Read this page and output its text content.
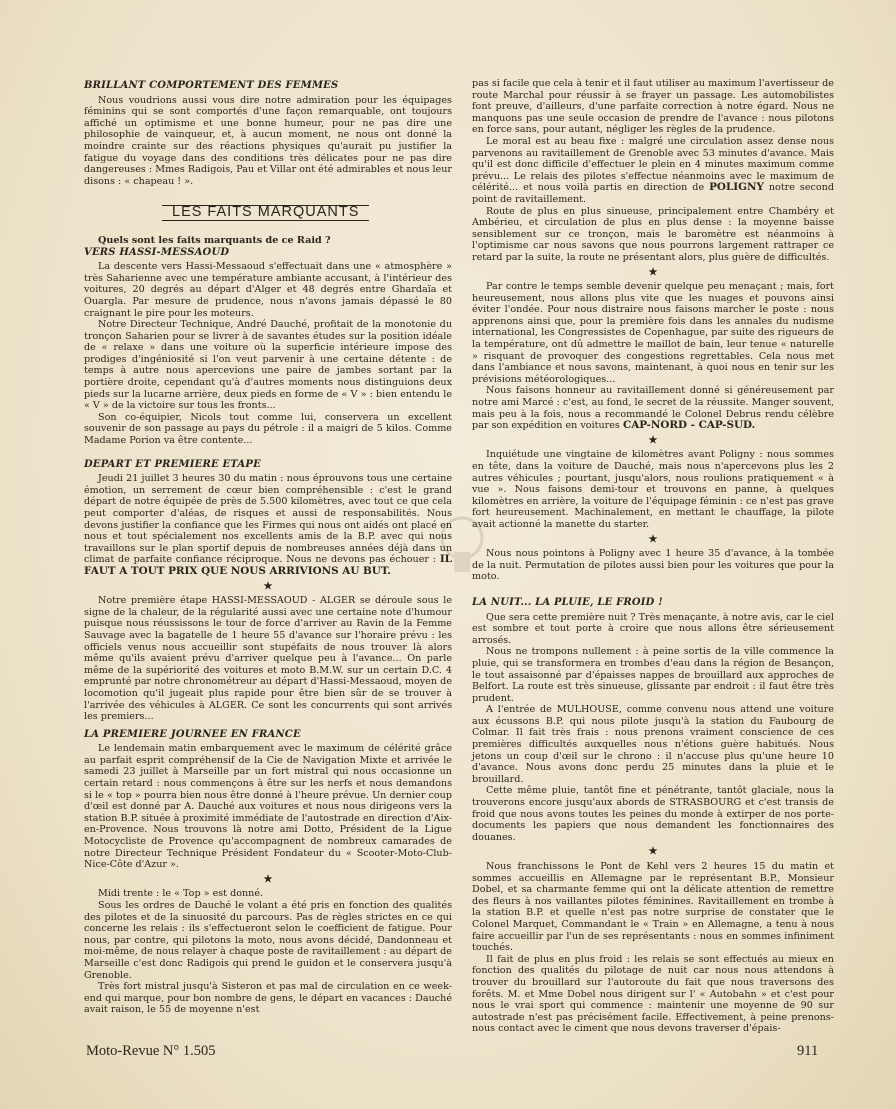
BRILLANT COMPORTEMENT DES FEMMES

Nous voudrions aussi vous dire notre admiration pour les équipages féminins qui se sont comportés d'une façon remarquable, ont toujours affiché un optimisme et une bonne humeur, pour ne pas dire une philosophie de vainqueur, et, à aucun moment, ne nous ont donné la moindre crainte sur des réactions physiques qu'aurait pu justifier la fatigue du voyage dans des conditions très délicates pour ne pas dire dangereuses : Mmes Radigois, Pau et Villar ont été admirables et nous leur disons : « chapeau ! ».

LES FAITS MARQUANTS

Quels sont les faits marquants de ce Raid ?

VERS HASSI-MESSAOUD

La descente vers Hassi-Messaoud s'effectuait dans une « atmosphère » très Saharienne avec une température ambiante accusant, à l'intérieur des voitures, 20 degrés au départ d'Alger et 48 degrés entre Ghardaïa et Ouargla. Par mesure de prudence, nous n'avons jamais dépassé le 80 craignant le pire pour les moteurs.

Notre Directeur Technique, André Dauché, profitait de la monotonie du tronçon Saharien pour se livrer à de savantes études sur la position idéale de « relaxe » dans une voiture où la superficie intérieure impose des prodiges d'ingéniosité si l'on veut parvenir à une certaine détente : de temps à autre nous apercevions une paire de jambes sortant par la portière droite, cependant qu'à d'autres moments nous distinguions deux pieds sur la lucarne arrière, deux pieds en forme de « V » : bien entendu le « V » de la victoire sur tous les fronts...

Son co-équipier, Nicols tout comme lui, conservera un excellent souvenir de son passage au pays du pétrole : il a maigri de 5 kilos. Comme Madame Porion va être contente...

DEPART ET PREMIERE ETAPE

Jeudi 21 juillet 3 heures 30 du matin : nous éprouvons tous une certaine émotion, un serrement de cœur bien compréhensible : c'est le grand départ de notre équipée de près de 5.500 kilomètres, avec tout ce que cela peut comporter d'aléas, de risques et aussi de responsabilités. Nous devons justifier la confiance que les Firmes qui nous ont aidés ont placé en nous et tout spécialement nos excellents amis de la B.P. avec qui nous travaillons sur le plan sportif depuis de nombreuses années déjà dans un climat de parfaite confiance réciproque. Nous ne devons pas échouer : IL FAUT A TOUT PRIX QUE NOUS ARRIVIONS AU BUT.

★

Notre première étape HASSI-MESSAOUD - ALGER se déroule sous le signe de la chaleur, de la régularité aussi avec une certaine note d'humour puisque nous réussissons le tour de force d'arriver au Ravin de la Femme Sauvage avec la bagatelle de 1 heure 55 d'avance sur l'horaire prévu : les officiels venus nous accueillir sont stupéfaits de nous trouver là alors même qu'ils avaient prévu d'arriver quelque peu à l'avance... On parle même de la supériorité des voitures et moto B.M.W. sur un certain D.C. 4 emprunté par notre chronométreur au départ d'Hassi-Messaoud, moyen de locomotion qu'il jugeait plus rapide pour être bien sûr de se trouver à l'arrivée des véhicules à ALGER. Ce sont les concurrents qui sont arrivés les premiers...

LA PREMIERE JOURNEE EN FRANCE

Le lendemain matin embarquement avec le maximum de célérité grâce au parfait esprit compréhensif de la Cie de Navigation Mixte et arrivée le samedi 23 juillet à Marseille par un fort mistral qui nous occasionne un certain retard : nous commençons à être sur les nerfs et nous demandons si le « top » pourra bien nous être donné à l'heure prévue. Un dernier coup d'œil est donné par A. Dauché aux voitures et nous nous dirigeons vers la station B.P. située à proximité immédiate de l'autostrade en direction d'Aix-en-Provence. Nous trouvons là notre ami Dotto, Président de la Ligue Motocycliste de Provence qu'accompagnent de nombreux camarades de notre Directeur Technique Président Fondateur du « Scooter-Moto-Club-Nice-Côte d'Azur ».

★

Midi trente : le « Top » est donné.

Sous les ordres de Dauché le volant a été pris en fonction des qualités des pilotes et de la sinuosité du parcours. Pas de règles strictes en ce qui concerne les relais : ils s'effectueront selon le coefficient de fatigue. Pour nous, par contre, qui pilotons la moto, nous avons décidé, Dandonneau et moi-même, de nous relayer à chaque poste de ravitaillement : au départ de Marseille c'est donc Radigois qui prend le guidon et le conservera jusqu'à Grenoble.

Très fort mistral jusqu'à Sisteron et pas mal de circulation en ce week-end qui marque, pour bon nombre de gens, le départ en vacances : Dauché avait raison, le 55 de moyenne n'est

pas si facile que cela à tenir et il faut utiliser au maximum l'avertisseur de route Marchal pour réussir à se frayer un passage. Les automobilistes font preuve, d'ailleurs, d'une parfaite correction à notre égard. Nous ne manquons pas une seule occasion de prendre de l'avance : nous pilotons en force sans, pour autant, négliger les règles de la prudence.

Le moral est au beau fixe : malgré une circulation assez dense nous parvenons au ravitaillement de Grenoble avec 53 minutes d'avance. Mais qu'il est donc difficile d'effectuer le plein en 4 minutes maximum comme prévu... Le relais des pilotes s'effectue néanmoins avec le maximum de célérité... et nous voilà partis en direction de POLIGNY notre second point de ravitaillement.

Route de plus en plus sinueuse, principalement entre Chambéry et Ambérieu, et circulation de plus en plus dense : la moyenne baisse sensiblement sur ce tronçon, mais le baromètre est néanmoins à l'optimisme car nous savons que nous pourrons largement rattraper ce retard par la suite, la route ne présentant alors, plus guère de difficultés.

★

Par contre le temps semble devenir quelque peu menaçant ; mais, fort heureusement, nous allons plus vite que les nuages et pouvons ainsi éviter l'ondée. Pour nous distraire nous faisons marcher le poste : nous apprenons ainsi que, pour la première fois dans les annales du nudisme international, les Congressistes de Copenhague, par suite des rigueurs de la température, ont dû admettre le maillot de bain, leur tenue « naturelle » risquant de provoquer des congestions regrettables. Cela nous met dans l'ambiance et nous savons, maintenant, à quoi nous en tenir sur les prévisions météorologiques...

Nous faisons honneur au ravitaillement donné si généreusement par notre ami Marcé : c'est, au fond, le secret de la réussite. Manger souvent, mais peu à la fois, nous a recommandé le Colonel Debrus rendu célèbre par son expédition en voitures CAP-NORD - CAP-SUD.

★

Inquiétude une vingtaine de kilomètres avant Poligny : nous sommes en tête, dans la voiture de Dauché, mais nous n'apercevons plus les 2 autres véhicules ; pourtant, jusqu'alors, nous roulions pratiquement « à vue ». Nous faisons demi-tour et trouvons en panne, à quelques kilomètres en arrière, la voiture de l'équipage féminin : ce n'est pas grave fort heureusement. Machinalement, en mettant le chauffage, la pilote avait actionné la manette du starter.

★

Nous nous pointons à Poligny avec 1 heure 35 d'avance, à la tombée de la nuit. Permutation de pilotes aussi bien pour les voitures que pour la moto.

LA NUIT... LA PLUIE, LE FROID !

Que sera cette première nuit ? Très menaçante, à notre avis, car le ciel est sombre et tout porte à croire que nous allons être sérieusement arrosés.

Nous ne trompons nullement : à peine sortis de la ville commence la pluie, qui se transformera en trombes d'eau dans la région de Besançon, le tout assaisonné par d'épaisses nappes de brouillard aux approches de Belfort. La route est très sinueuse, glissante par endroit : il faut être très prudent.

A l'entrée de MULHOUSE, comme convenu nous attend une voiture aux écussons B.P. qui nous pilote jusqu'à la station du Faubourg de Colmar. Il fait très frais : nous prenons vraiment conscience de ces premières difficultés auxquelles nous n'étions guère habitués. Nous jetons un coup d'œil sur le chrono : il n'accuse plus qu'une heure 10 d'avance. Nous avons donc perdu 25 minutes dans la pluie et le brouillard.

Cette même pluie, tantôt fine et pénétrante, tantôt glaciale, nous la trouverons encore jusqu'aux abords de STRASBOURG et c'est transis de froid que nous avons toutes les peines du monde à extirper de nos porte-documents les papiers que nous demandent les fonctionnaires des douanes.

★

Nous franchissons le Pont de Kehl vers 2 heures 15 du matin et sommes accueillis en Allemagne par le représentant B.P., Monsieur Dobel, et sa charmante femme qui ont la délicate attention de remettre des fleurs à nos vaillantes pilotes féminines. Ravitaillement en trombe à la station B.P. et quelle n'est pas notre surprise de constater que le Colonel Marquet, Commandant le « Train » en Allemagne, a tenu à nous faire accueillir par l'un de ses représentants : nous en sommes infiniment touchés.

Il fait de plus en plus froid : les relais se sont effectués au mieux en fonction des qualités du pilotage de nuit car nous nous attendons à trouver du brouillard sur l'autoroute du fait que nous traversons des forêts. M. et Mme Dobel nous dirigent sur l' « Autobahn » et c'est pour nous le vrai sport qui commence : maintenir une moyenne de 90 sur autostrade n'est pas précisément facile. Effectivement, à peine prenons-nous contact avec le ciment que nous devons traverser d'épais-

Moto-Revue N° 1.505	911
